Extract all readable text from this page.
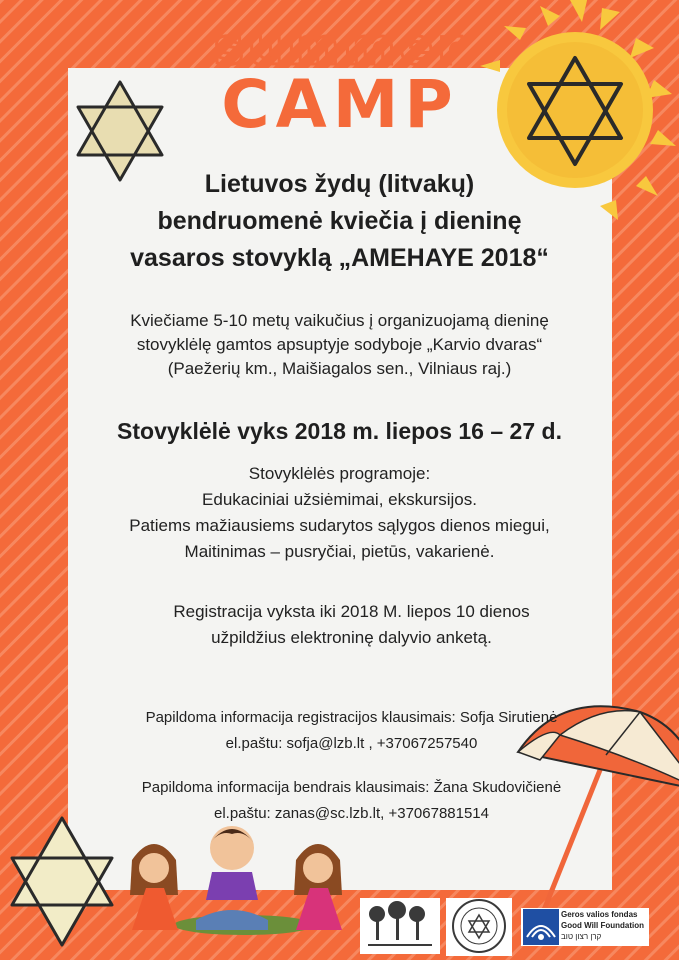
summer
CAMP
Lietuvos žydų (litvakų)
bendruomenė kviečia į dieninę
vasaros stovyklą „AMEHAYE 2018“
Kviečiame 5-10 metų vaikučius į organizuojamą dieninę
stovyklėlę gamtos apsuptyje sodyboje „Karvio dvaras“
(Paežerių km., Maišiagalos sen., Vilniaus raj.)
Stovyklėlė vyks 2018 m. liepos 16 – 27 d.
Stovyklėlės programoje:
Edukaciniai užsiėmimai, ekskursijos.
Patiems mažiausiems sudarytos sąlygos dienos miegui,
Maitinimas – pusryčiai, pietūs, vakarienė.
Registracija vyksta iki 2018 M. liepos 10 dienos
užpildžius elektroninę dalyvio anketą.
Papildoma informacija registracijos klausimais: Sofja Sirutienė
el.paštu: sofja@lzb.lt , +37067257540
Papildoma informacija bendrais klausimais: Žana Skudovičienė
el.paštu: zanas@sc.lzb.lt, +37067881514

Geros valios fondas

Good Will Foundation

קרן רצון טוב
